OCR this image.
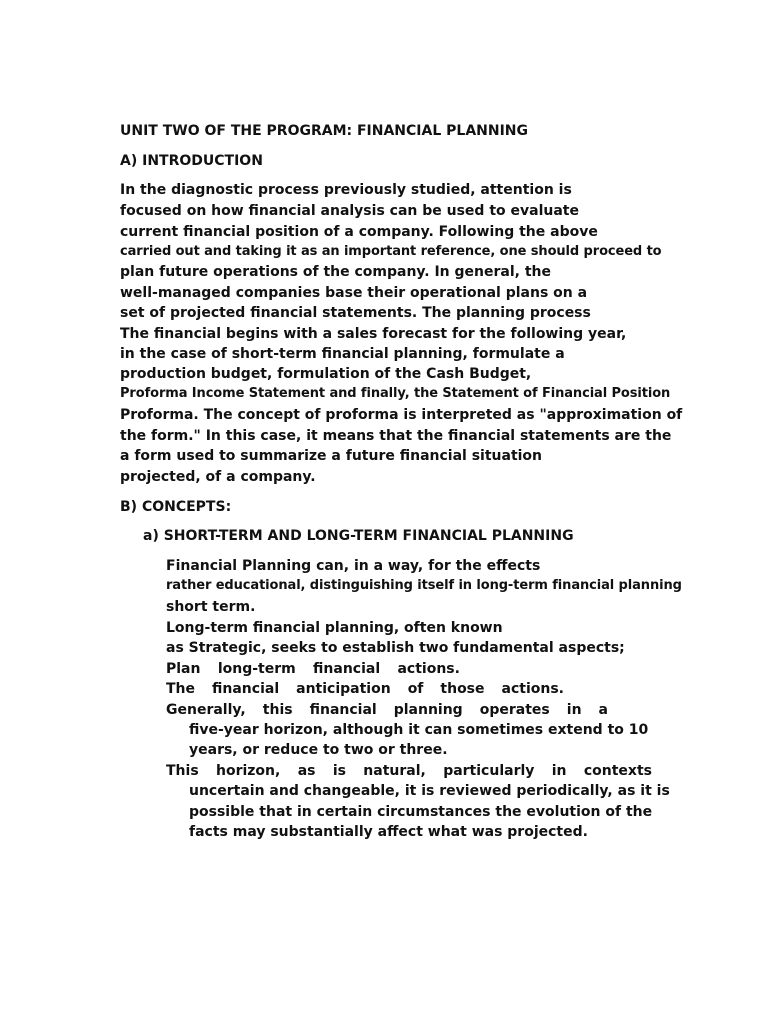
UNIT TWO OF THE PROGRAM: FINANCIAL PLANNING
A) INTRODUCTION
In the diagnostic process previously studied, attention is
focused on how financial analysis can be used to evaluate
current financial position of a company. Following the above
carried out and taking it as an important reference, one should proceed to
plan future operations of the company. In general, the
well-managed companies base their operational plans on a
set of projected financial statements. The planning process
The financial begins with a sales forecast for the following year,
in the case of short-term financial planning, formulate a
production budget, formulation of the Cash Budget,
Proforma Income Statement and finally, the Statement of Financial Position
Proforma. The concept of proforma is interpreted as "approximation of
the form." In this case, it means that the financial statements are the
a form used to summarize a future financial situation
projected, of a company.
B) CONCEPTS:
a) SHORT-TERM AND LONG-TERM FINANCIAL PLANNING
Financial Planning can, in a way, for the effects
rather educational, distinguishing itself in long-term financial planning
short term.
Long-term financial planning, often known
as Strategic, seeks to establish two fundamental aspects;
Plan long-term financial actions.
The financial anticipation of those actions.
Generally, this financial planning operates in a
five-year horizon, although it can sometimes extend to 10
years, or reduce to two or three.
This horizon, as is natural, particularly in contexts
uncertain and changeable, it is reviewed periodically, as it is
possible that in certain circumstances the evolution of the
facts may substantially affect what was projected.
